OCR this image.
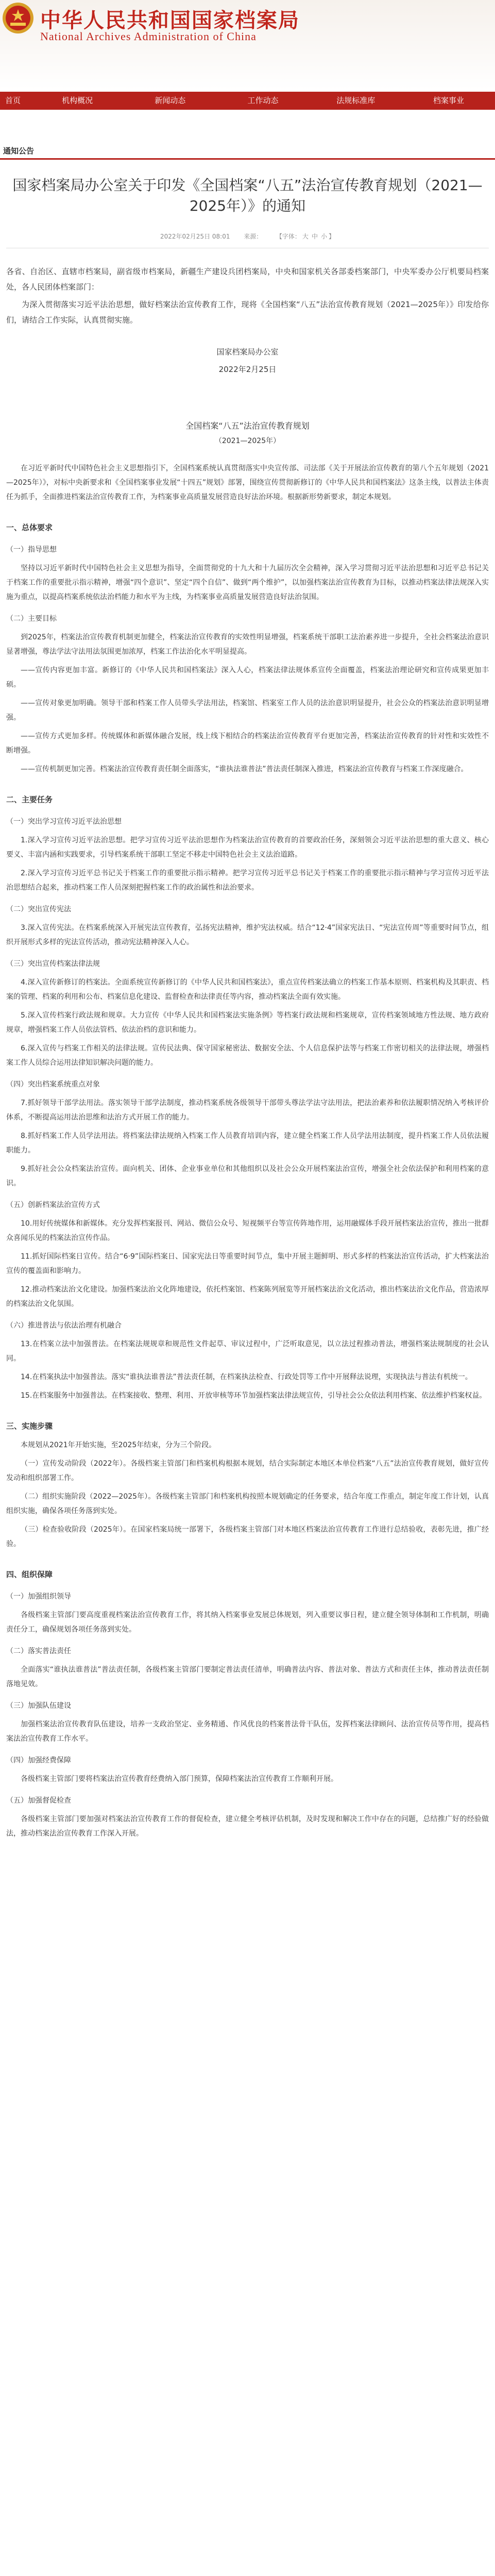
中华人民共和国国家档案局
National Archives Administration of China
首页	机构概况	新闻动态	工作动态	法规标准库	档案事业
通知公告
国家档案局办公室关于印发《全国档案“八五”法治宣传教育规划（2021—2025年）》的通知
2022年02月25日 08:01 来源： 【字体： 大 中 小 】

各省、自治区、直辖市档案局，副省级市档案局，新疆生产建设兵团档案局，中央和国家机关各部委档案部门，中央军委办公厅机要局档案处，各人民团体档案部门：

为深入贯彻落实习近平法治思想，做好档案法治宣传教育工作，现将《全国档案“八五”法治宣传教育规划（2021—2025年）》印发给你们，请结合工作实际，认真贯彻实施。

国家档案局办公室
2022年2月25日
全国档案“八五”法治宣传教育规划
（2021—2025年）
在习近平新时代中国特色社会主义思想指引下，全国档案系统认真贯彻落实中央宣传部、司法部《关于开展法治宣传教育的第八个五年规划（2021—2025年）》，对标中央新要求和《全国档案事业发展“十四五”规划》部署，围绕宣传贯彻新修订的《中华人民共和国档案法》这条主线，以普法主体责任为抓手，全面推进档案法治宣传教育工作，为档案事业高质量发展营造良好法治环境。根据新形势新要求，制定本规划。
一、总体要求
（一）指导思想
坚持以习近平新时代中国特色社会主义思想为指导，全面贯彻党的十九大和十九届历次全会精神，深入学习贯彻习近平法治思想和习近平总书记关于档案工作的重要批示指示精神，增强“四个意识”、坚定“四个自信”、做到“两个维护”，以加强档案法治宣传教育为目标，以推动档案法律法规深入实施为重点，以提高档案系统依法治档能力和水平为主线，为档案事业高质量发展营造良好法治氛围。
（二）主要目标
到2025年，档案法治宣传教育机制更加健全，档案法治宣传教育的实效性明显增强，档案系统干部职工法治素养进一步提升，全社会档案法治意识显著增强，尊法学法守法用法氛围更加浓厚，档案工作法治化水平明显提高。
——宣传内容更加丰富。新修订的《中华人民共和国档案法》深入人心，档案法律法规体系宣传全面覆盖，档案法治理论研究和宣传成果更加丰硕。
——宣传对象更加明确。领导干部和档案工作人员带头学法用法，档案馆、档案室工作人员的法治意识明显提升，社会公众的档案法治意识明显增强。
——宣传方式更加多样。传统媒体和新媒体融合发展，线上线下相结合的档案法治宣传教育平台更加完善，档案法治宣传教育的针对性和实效性不断增强。
——宣传机制更加完善。档案法治宣传教育责任制全面落实，“谁执法谁普法”普法责任制深入推进，档案法治宣传教育与档案工作深度融合。
二、主要任务
（一）突出学习宣传习近平法治思想
1.深入学习宣传习近平法治思想。把学习宣传习近平法治思想作为档案法治宣传教育的首要政治任务，深刻领会习近平法治思想的重大意义、核心要义、丰富内涵和实践要求，引导档案系统干部职工坚定不移走中国特色社会主义法治道路。
2.深入学习宣传习近平总书记关于档案工作的重要批示指示精神。把学习宣传习近平总书记关于档案工作的重要批示指示精神与学习宣传习近平法治思想结合起来，推动档案工作人员深刻把握档案工作的政治属性和法治要求。
（二）突出宣传宪法
3.深入宣传宪法。在档案系统深入开展宪法宣传教育，弘扬宪法精神，维护宪法权威。结合“12·4”国家宪法日、“宪法宣传周”等重要时间节点，组织开展形式多样的宪法宣传活动，推动宪法精神深入人心。
（三）突出宣传档案法律法规
4.深入宣传新修订的档案法。全面系统宣传新修订的《中华人民共和国档案法》，重点宣传档案法确立的档案工作基本原则、档案机构及其职责、档案的管理、档案的利用和公布、档案信息化建设、监督检查和法律责任等内容，推动档案法全面有效实施。
5.深入宣传档案行政法规和规章。大力宣传《中华人民共和国档案法实施条例》等档案行政法规和档案规章，宣传档案领域地方性法规、地方政府规章，增强档案工作人员依法管档、依法治档的意识和能力。
6.深入宣传与档案工作相关的法律法规。宣传民法典、保守国家秘密法、数据安全法、个人信息保护法等与档案工作密切相关的法律法规，增强档案工作人员综合运用法律知识解决问题的能力。
（四）突出档案系统重点对象
7.抓好领导干部学法用法。落实领导干部学法制度，推动档案系统各级领导干部带头尊法学法守法用法，把法治素养和依法履职情况纳入考核评价体系，不断提高运用法治思维和法治方式开展工作的能力。
8.抓好档案工作人员学法用法。将档案法律法规纳入档案工作人员教育培训内容，建立健全档案工作人员学法用法制度，提升档案工作人员依法履职能力。
9.抓好社会公众档案法治宣传。面向机关、团体、企业事业单位和其他组织以及社会公众开展档案法治宣传，增强全社会依法保护和利用档案的意识。
（五）创新档案法治宣传方式
10.用好传统媒体和新媒体。充分发挥档案报刊、网站、微信公众号、短视频平台等宣传阵地作用，运用融媒体手段开展档案法治宣传，推出一批群众喜闻乐见的档案法治宣传作品。
11.抓好国际档案日宣传。结合“6·9”国际档案日、国家宪法日等重要时间节点，集中开展主题鲜明、形式多样的档案法治宣传活动，扩大档案法治宣传的覆盖面和影响力。
12.推动档案法治文化建设。加强档案法治文化阵地建设，依托档案馆、档案陈列展览等开展档案法治文化活动，推出档案法治文化作品，营造浓厚的档案法治文化氛围。
（六）推进普法与依法治理有机融合
13.在档案立法中加强普法。在档案法规规章和规范性文件起草、审议过程中，广泛听取意见，以立法过程推动普法，增强档案法规制度的社会认同。
14.在档案执法中加强普法。落实“谁执法谁普法”普法责任制，在档案执法检查、行政处罚等工作中开展释法说理，实现执法与普法有机统一。
15.在档案服务中加强普法。在档案接收、整理、利用、开放审核等环节加强档案法律法规宣传，引导社会公众依法利用档案、依法维护档案权益。
三、实施步骤
本规划从2021年开始实施，至2025年结束，分为三个阶段。
（一）宣传发动阶段（2022年）。各级档案主管部门和档案机构根据本规划，结合实际制定本地区本单位档案“八五”法治宣传教育规划，做好宣传发动和组织部署工作。
（二）组织实施阶段（2022—2025年）。各级档案主管部门和档案机构按照本规划确定的任务要求，结合年度工作重点，制定年度工作计划，认真组织实施，确保各项任务落到实处。
（三）检查验收阶段（2025年）。在国家档案局统一部署下，各级档案主管部门对本地区档案法治宣传教育工作进行总结验收，表彰先进，推广经验。
四、组织保障
（一）加强组织领导
各级档案主管部门要高度重视档案法治宣传教育工作，将其纳入档案事业发展总体规划，列入重要议事日程，建立健全领导体制和工作机制，明确责任分工，确保规划各项任务落到实处。
（二）落实普法责任
全面落实“谁执法谁普法”普法责任制，各级档案主管部门要制定普法责任清单，明确普法内容、普法对象、普法方式和责任主体，推动普法责任制落地见效。
（三）加强队伍建设
加强档案法治宣传教育队伍建设，培养一支政治坚定、业务精通、作风优良的档案普法骨干队伍，发挥档案法律顾问、法治宣传员等作用，提高档案法治宣传教育工作水平。
（四）加强经费保障
各级档案主管部门要将档案法治宣传教育经费纳入部门预算，保障档案法治宣传教育工作顺利开展。
（五）加强督促检查
各级档案主管部门要加强对档案法治宣传教育工作的督促检查，建立健全考核评估机制，及时发现和解决工作中存在的问题，总结推广好的经验做法，推动档案法治宣传教育工作深入开展。
